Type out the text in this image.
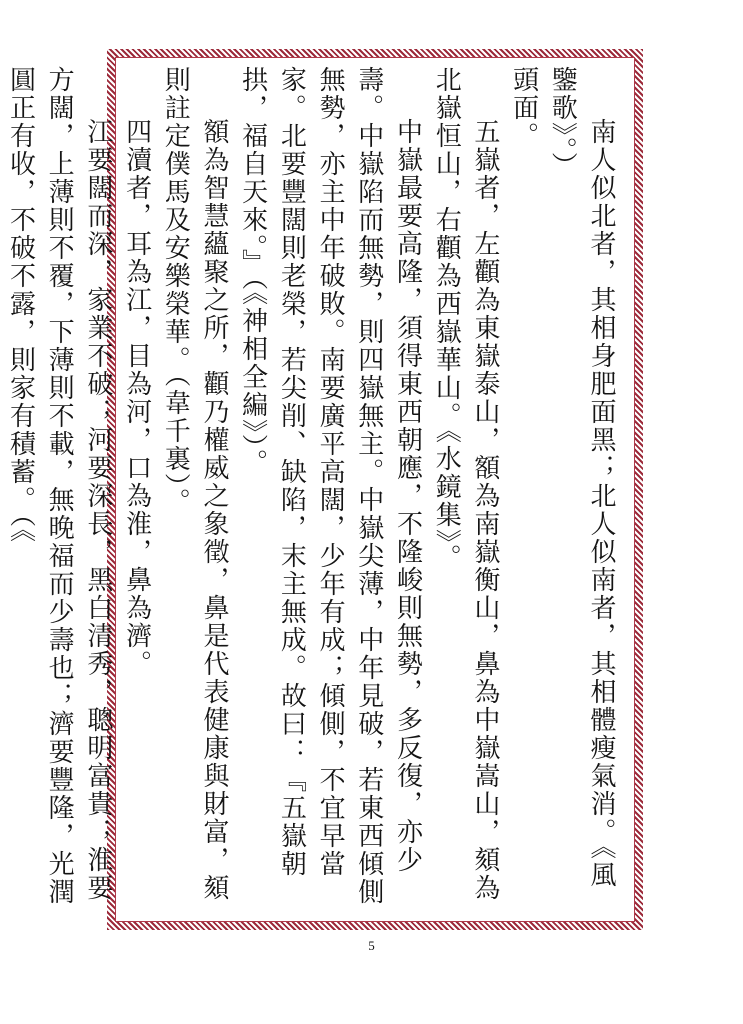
南人似北者，其相身肥面黑；北人似南者，其相體瘦氣消。《風鑒歌》。）

頭面。

五嶽者，左顴為東嶽泰山，額為南嶽衡山，鼻為中嶽嵩山，頦為北嶽恒山，右顴為西嶽華山。《水鏡集》。

中嶽最要高隆，須得東西朝應，不隆峻則無勢，多反復，亦少壽。中嶽陷而無勢，則四嶽無主。中嶽尖薄，中年見破，若東西傾側無勢，亦主中年破敗。南要廣平高闊，少年有成；傾側，不宜早當家。北要豐闊則老榮，若尖削、缺陷，末主無成。故曰：『五嶽朝拱，福自天來。』（《神相全編》）。

額為智慧蘊聚之所，顴乃權威之象徵，鼻是代表健康與財富，頦則註定僕馬及安樂榮華。（韋千裏）。

四瀆者，耳為江，目為河，口為淮，鼻為濟。

江要闊而深，家業不破；河要深長，黑白清秀，聰明富貴；淮要方闊，上薄則不覆，下薄則不載，無晚福而少壽也；濟要豐隆，光潤圓正有收，不破不露，則家有積蓄。（《

5
